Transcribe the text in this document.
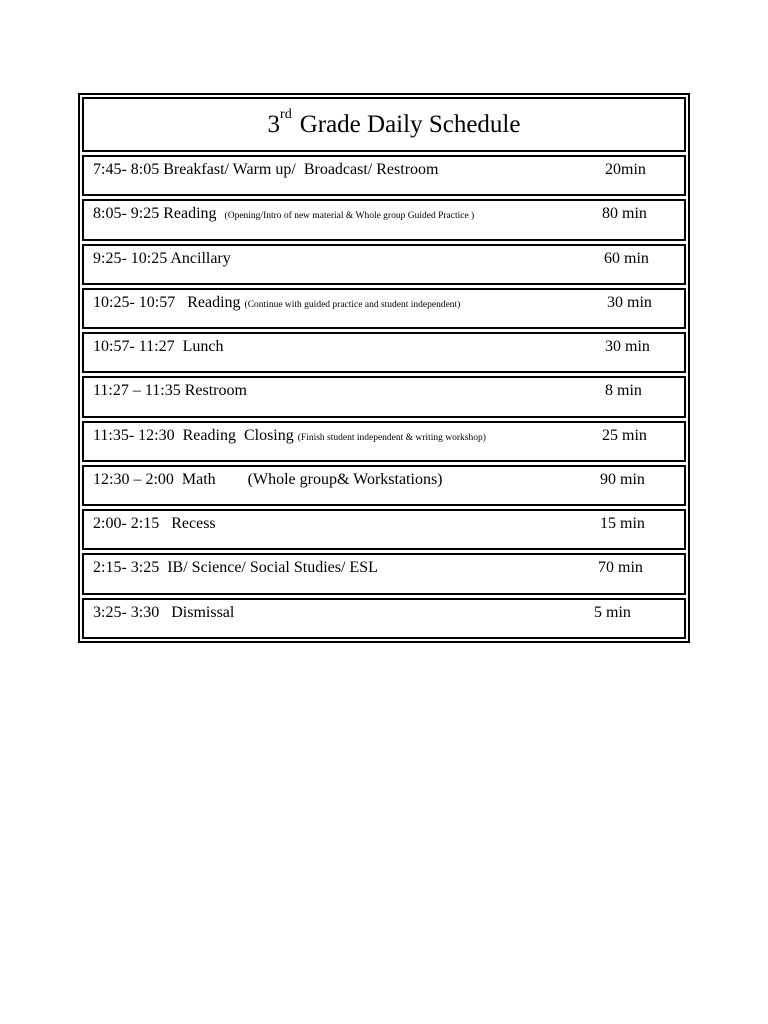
3rd Grade Daily Schedule
7:45- 8:05 Breakfast/ Warm up/  Broadcast/ Restroom	20min
8:05- 9:25 Reading  (Opening/Intro of new material & Whole group Guided Practice )	80 min
9:25- 10:25 Ancillary	60 min
10:25- 10:57   Reading (Continue with guided practice and student independent)	30 min
10:57- 11:27  Lunch	30 min
11:27 – 11:35 Restroom	8 min
11:35- 12:30  Reading  Closing (Finish student independent & writing workshop)	25 min
12:30 – 2:00  Math        (Whole group& Workstations)	90 min
2:00- 2:15   Recess	15 min
2:15- 3:25  IB/ Science/ Social Studies/ ESL	70 min
3:25- 3:30   Dismissal	5 min
